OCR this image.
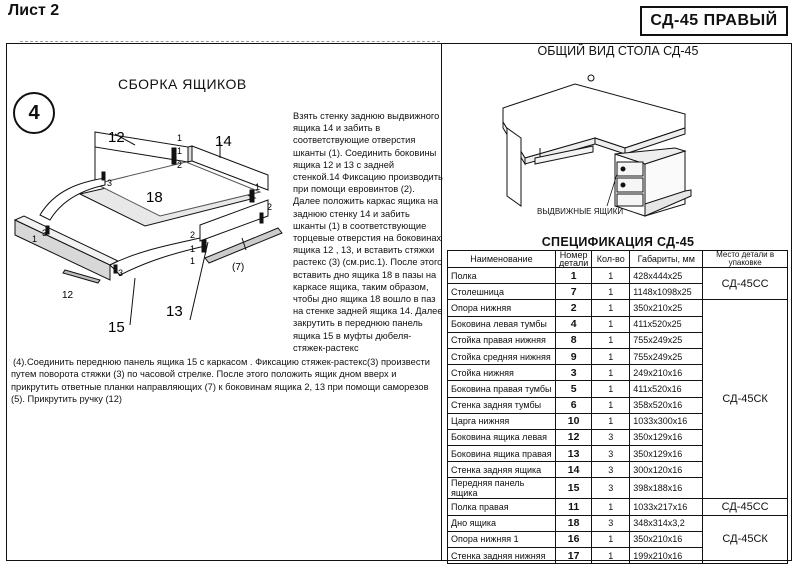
Лист 2
СД-45 ПРАВЫЙ
СБОРКА ЯЩИКОВ
4
12	14
18
13
15
(7)
12
1
1
2
3
1
3
1
2
2
1
1
3
Взять стенку заднюю выдвижного ящика 14 и забить в соответствующие отверстия шканты (1). Соединить боковины ящика 12 и 13 с задней стенкой.14 Фиксацию производить при помощи евровинтов (2). Далее положить каркас ящика на заднюю стенку 14 и забить шканты (1) в соответствующие торцевые отверстия на боковинах ящика 12 , 13, и вставить стяжки растекс (3) (см.рис.1). После этого вставить дно ящика 18 в пазы на каркасе ящика, таким образом, чтобы дно ящика 18 вошло в паз на стенке задней ящика 14. Далее закрутить в переднюю панель ящика 15 в муфты дюбеля-стяжек-растекс
(4).Соединить переднюю панель ящика 15 с каркасом . Фиксацию стяжек-растекс(3) произвести путем поворота стяжки (3) по часовой стрелке. После этого положить ящик дном вверх и прикрутить ответные планки направляющих (7) к боковинам ящика 2, 13 при помощи саморезов (5). Прикрутить ручку (12)
ОБЩИЙ ВИД СТОЛА СД-45
ВЫДВИЖНЫЕ ЯЩИКИ
СПЕЦИФИКАЦИЯ СД-45
Наименование	Номер детали	Кол-во	Габариты, мм	Место детали в упаковке
Полка	1	1	428х444х25	СД-45СС
Столешница	7	1	1148х1098х25	
Опора нижняя	2	1	350х210х25	СД-45СК
Боковина левая тумбы	4	1	411х520х25	
Стойка правая нижняя	8	1	755х249х25	
Стойка средняя нижняя	9	1	755х249х25	
Стойка нижняя	3	1	249х210х16	
Боковина правая тумбы	5	1	411х520х16	
Стенка задняя тумбы	6	1	358х520х16	
Царга нижняя	10	1	1033х300х16	
Боковина ящика левая	12	3	350х129х16	
Боковина ящика правая	13	3	350х129х16	
Стенка задняя ящика	14	3	300х120х16	
Передняя панель ящика	15	3	398х188х16	
Полка правая	11	1	1033х217х16	СД-45СС
Дно ящика	18	3	348х314х3,2	СД-45СК
Опора нижняя 1	16	1	350х210х16	
Стенка задняя нижняя	17	1	199х210х16	
